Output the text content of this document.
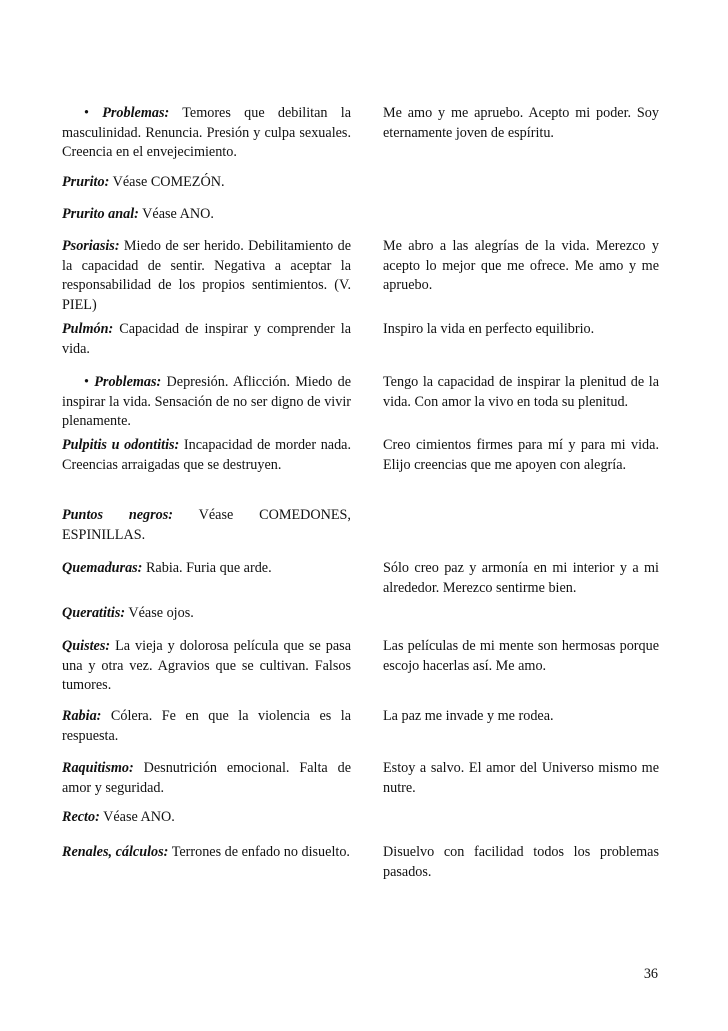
• Problemas: Temores que debilitan la masculinidad. Renuncia. Presión y culpa sexuales. Creencia en el envejecimiento.
Me amo y me apruebo. Acepto mi poder. Soy eternamente joven de espíritu.
Prurito: Véase COMEZÓN.
Prurito anal: Véase ANO.
Psoriasis: Miedo de ser herido. Debilitamiento de la capacidad de sentir. Negativa a aceptar la responsabilidad de los propios sentimientos. (V. PIEL)
Me abro a las alegrías de la vida. Merezco y acepto lo mejor que me ofrece. Me amo y me apruebo.
Pulmón: Capacidad de inspirar y comprender la vida.
Inspiro la vida en perfecto equilibrio.
• Problemas: Depresión. Aflicción. Miedo de inspirar la vida. Sensación de no ser digno de vivir plenamente.
Tengo la capacidad de inspirar la plenitud de la vida. Con amor la vivo en toda su plenitud.
Pulpitis u odontitis: Incapacidad de morder nada. Creencias arraigadas que se destruyen.
Creo cimientos firmes para mí y para mi vida. Elijo creencias que me apoyen con alegría.
Puntos negros: Véase COMEDONES, ESPINILLAS.
Quemaduras: Rabia. Furia que arde.	Sólo creo paz y armonía en mi interior y a mi alrededor. Merezco sentirme bien.
Queratitis: Véase ojos.
Quistes: La vieja y dolorosa película que se pasa una y otra vez. Agravios que se cultivan. Falsos tumores.
Las películas de mi mente son hermosas porque escojo hacerlas así. Me amo.
Rabia: Cólera. Fe en que la violencia es la respuesta.
La paz me invade y me rodea.
Raquitismo: Desnutrición emocional. Falta de amor y seguridad.
Estoy a salvo. El amor del Universo mismo me nutre.
Recto: Véase ANO.
Renales, cálculos: Terrones de enfado no disuelto. Disuelvo con facilidad todos los problemas pasados.
36
